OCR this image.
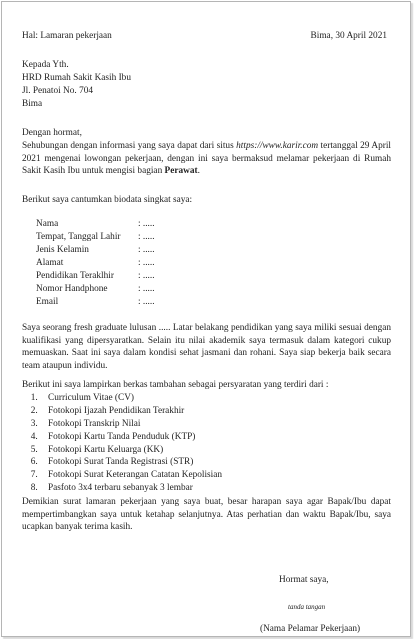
Bima, 30 April 2021

Hal: Lamaran pekerjaan

Kepada Yth.

HRD Rumah Sakit Kasih Ibu

Jl. Penatoi No. 704

Bima

Dengan hormat,

Sehubungan dengan informasi yang saya dapat dari situs https://www.karir.com tertanggal 29 April 2021 mengenai lowongan pekerjaan, dengan ini saya bermaksud melamar pekerjaan di Rumah Sakit Kasih Ibu untuk mengisi bagian Perawat.

Berikut saya cantumkan biodata singkat saya:

Nama	: .....
Tempat, Tanggal Lahir : .....
Jenis Kelamin	: .....
Alamat	: .....
Pendidikan Teraklhir	: .....
Nomor Handphone	: .....
Email	: .....

Saya seorang fresh graduate lulusan ..... Latar belakang pendidikan yang saya miliki sesuai dengan kualifikasi yang dipersyaratkan. Selain itu nilai akademik saya termasuk dalam kategori cukup memuaskan. Saat ini saya dalam kondisi sehat jasmani dan rohani. Saya siap bekerja baik secara team ataupun individu.

Berikut ini saya lampirkan berkas tambahan sebagai persyaratan yang terdiri dari :

1. Curriculum Vitae (CV)
2. Fotokopi Ijazah Pendidikan Terakhir
3. Fotokopi Transkrip Nilai
4. Fotokopi Kartu Tanda Penduduk (KTP)
5. Fotokopi Kartu Keluarga (KK)
6. Fotokopi Surat Tanda Registrasi (STR)
7. Fotokopi Surat Keterangan Catatan Kepolisian
8. Pasfoto 3x4 terbaru sebanyak 3 lembar

Demikian surat lamaran pekerjaan yang saya buat, besar harapan saya agar Bapak/Ibu dapat mempertimbangkan saya untuk ketahap selanjutnya. Atas perhatian dan waktu Bapak/Ibu, saya ucapkan banyak terima kasih.

Hormat saya,

tanda tangan

(Nama Pelamar Pekerjaan)
